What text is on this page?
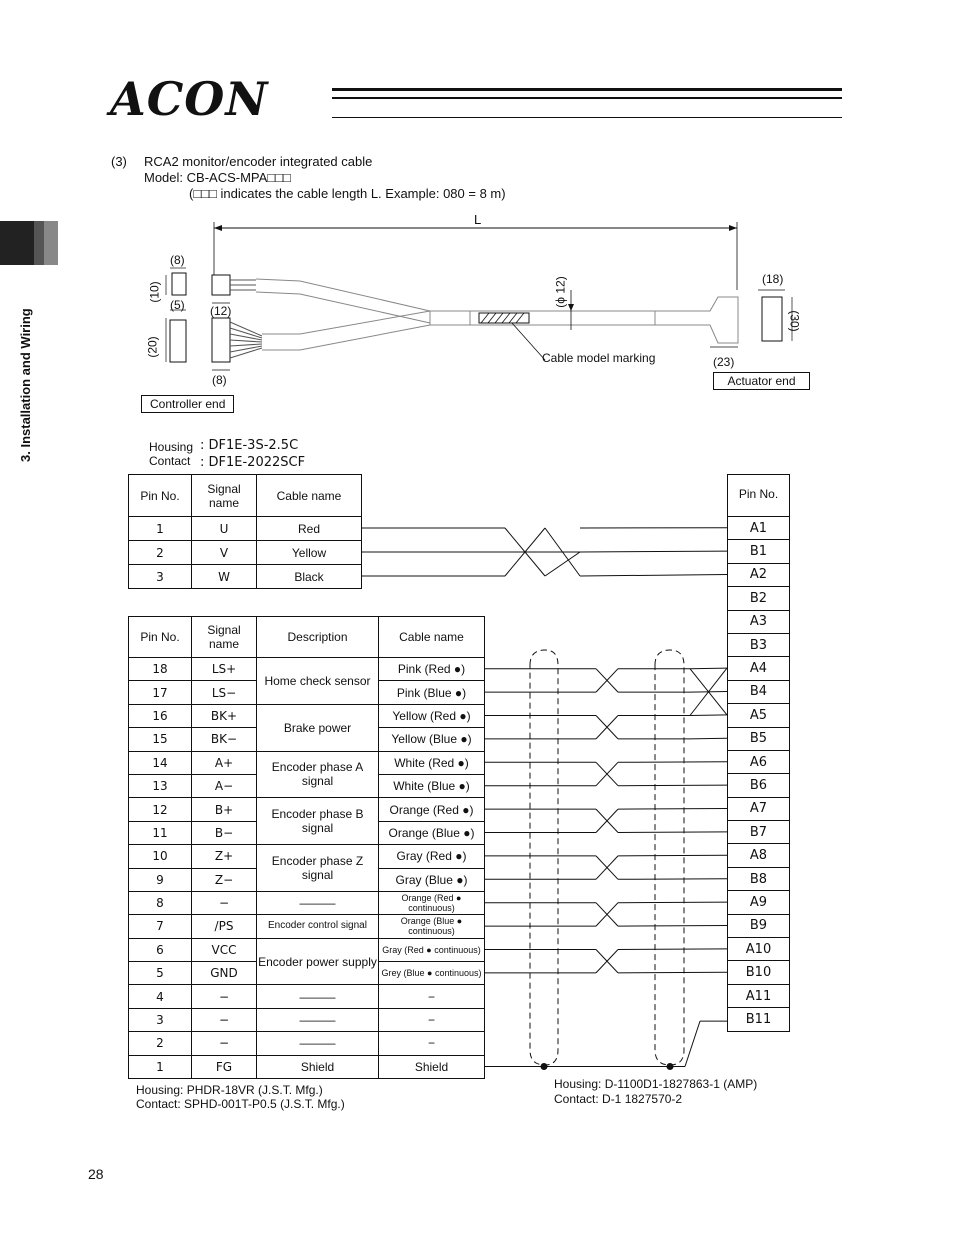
ACON
3. Installation and Wiring
(3) RCA2 monitor/encoder integrated cable
Model: CB-ACS-MPA□□□
(□□□ indicates the cable length L. Example: 080 = 8 m)
L
(8)
(10)
(5) (12)
(20)
(8)
(ϕ 12)	(18)
(30)
(23)
Cable model marking
Controller end
Actuator end
Housing
Contact
: DF1E-3S-2.5C
: DF1E-2022SCF
Pin No.	Signal name	Cable name
1	U	Red
2	V	Yellow
3	W	Black
Pin No.
A1
B1
A2
B2
A3
B3
A4
B4
A5
B5
A6
B6
A7
B7
A8
B8
A9
B9
A10
B10
A11
B11
Pin No.	Signal name	Description	Cable name
18	LS+	Home check sensor	Pink (Red ●)
17	LS−		Pink (Blue ●)
16	BK+	Brake power	Yellow (Red ●)
15	BK−		Yellow (Blue ●)
14	A+	Encoder phase A signal	White (Red ●)
13	A−		White (Blue ●)
12	B+	Encoder phase B signal	Orange (Red ●)
11	B−		Orange (Blue ●)
10	Z+	Encoder phase Z signal	Gray (Red ●)
9	Z−		Gray (Blue ●)
8	−	———	Orange (Red ● continuous)
7	/PS	Encoder control signal	Orange (Blue ● continuous)
6	VCC	Encoder power supply	Gray (Red ● continuous)
5	GND		Grey (Blue ● continuous)
4	−	———	−
3	−	———	−
2	−	———	−
1	FG	Shield	Shield
Housing: PHDR-18VR (J.S.T. Mfg.)
Contact: SPHD-001T-P0.5 (J.S.T. Mfg.)
Housing: D-1100D1-1827863-1 (AMP)
Contact: D-1 1827570-2
28
